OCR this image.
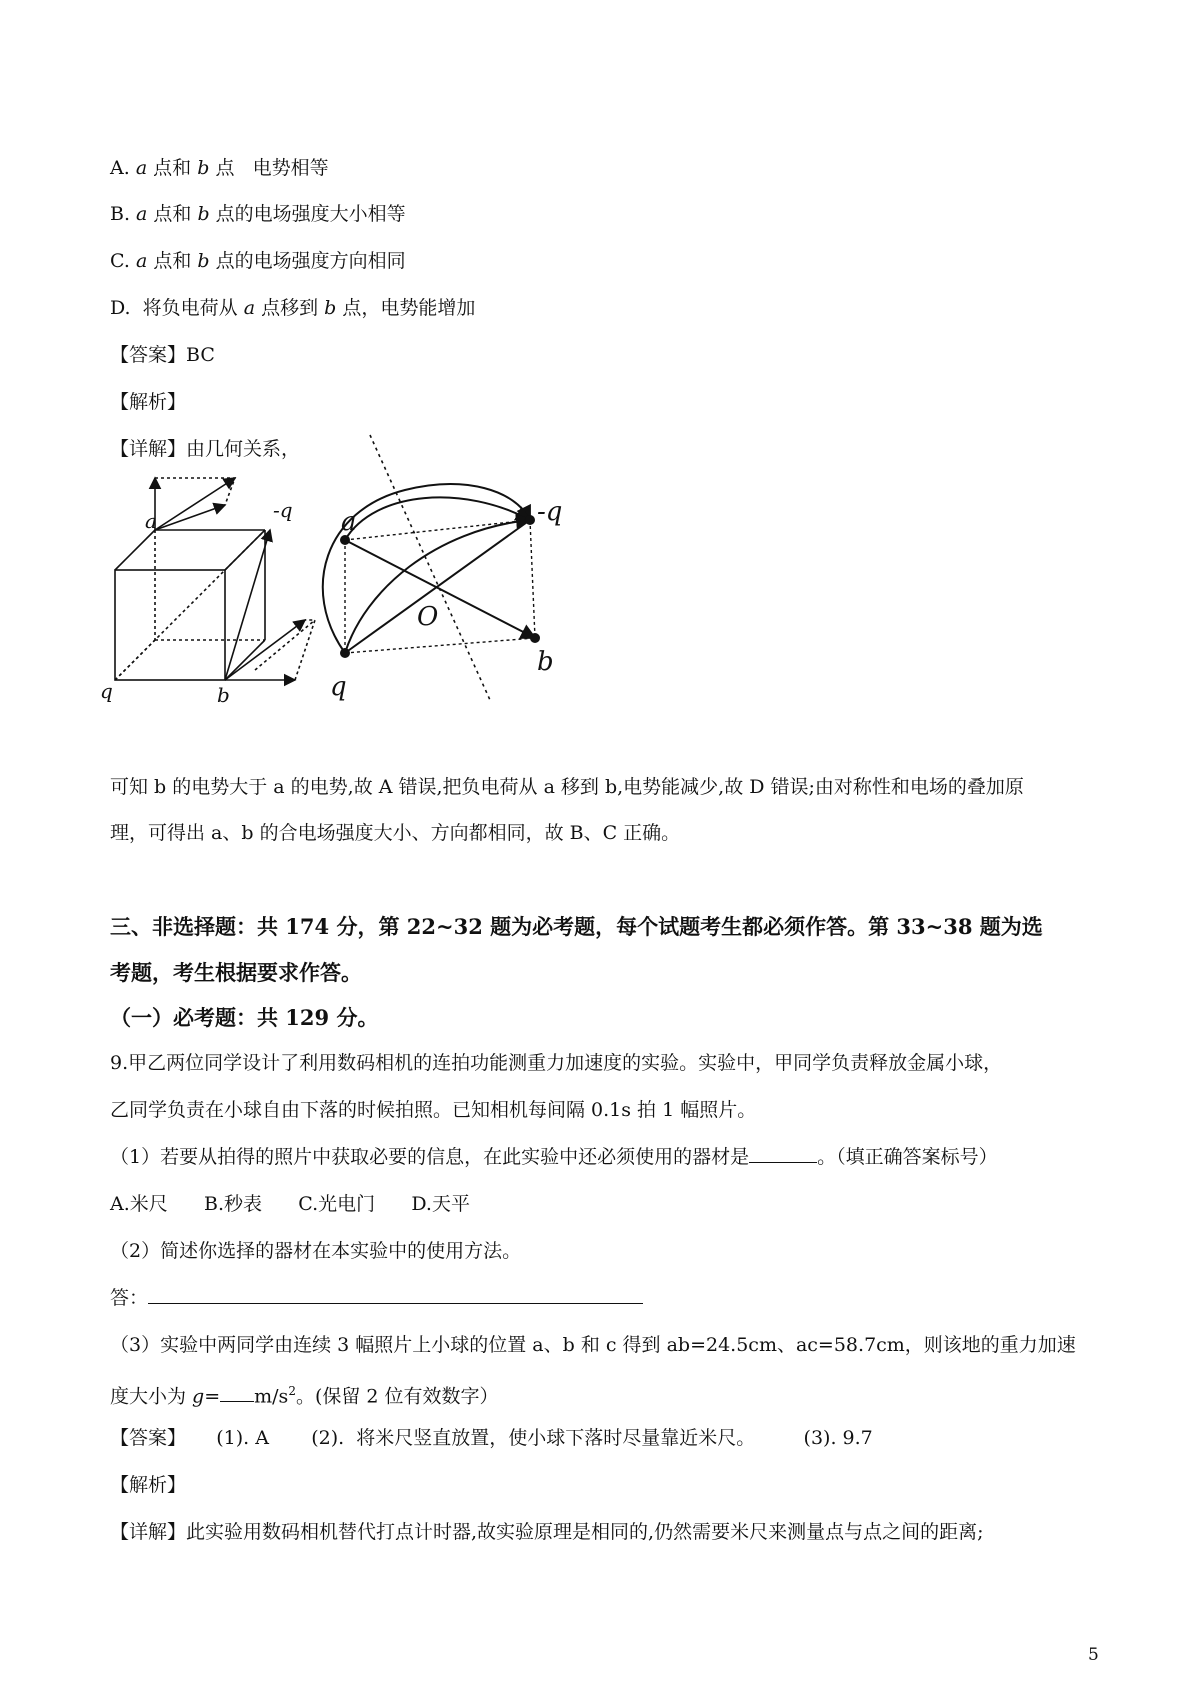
A. a 点和 b 点   电势相等
B. a 点和 b 点的电场强度大小相等
C. a 点和 b 点的电场强度方向相同
D.  将负电荷从 a 点移到 b 点，电势能增加
【答案】BC
【解析】
【详解】由几何关系，
a	-q
q	b
a	-q
O
q
b
可知 b 的电势大于 a 的电势,故 A 错误,把负电荷从 a 移到 b,电势能减少,故 D 错误;由对称性和电场的叠加原
理，可得出 a、b 的合电场强度大小、方向都相同，故 B、C 正确。
三、非选择题：共 174 分，第 22~32 题为必考题，每个试题考生都必须作答。第 33~38 题为选
考题，考生根据要求作答。
（一）必考题：共 129 分。
9.甲乙两位同学设计了利用数码相机的连拍功能测重力加速度的实验。实验中，甲同学负责释放金属小球，
乙同学负责在小球自由下落的时候拍照。已知相机每间隔 0.1s 拍 1 幅照片。
（1）若要从拍得的照片中获取必要的信息，在此实验中还必须使用的器材是	。（填正确答案标号）
A.米尺      B.秒表      C.光电门      D.天平
（2）简述你选择的器材在本实验中的使用方法。
答：
（3）实验中两同学由连续 3 幅照片上小球的位置 a、b 和 c 得到 ab=24.5cm、ac=58.7cm，则该地的重力加速
度大小为 $g= m/s^2$。(保留 2 位有效数字）
【答案】     (1). A       (2).  将米尺竖直放置，使小球下落时尽量靠近米尺。        (3). 9.7
【解析】
【详解】此实验用数码相机替代打点计时器,故实验原理是相同的,仍然需要米尺来测量点与点之间的距离;
5
